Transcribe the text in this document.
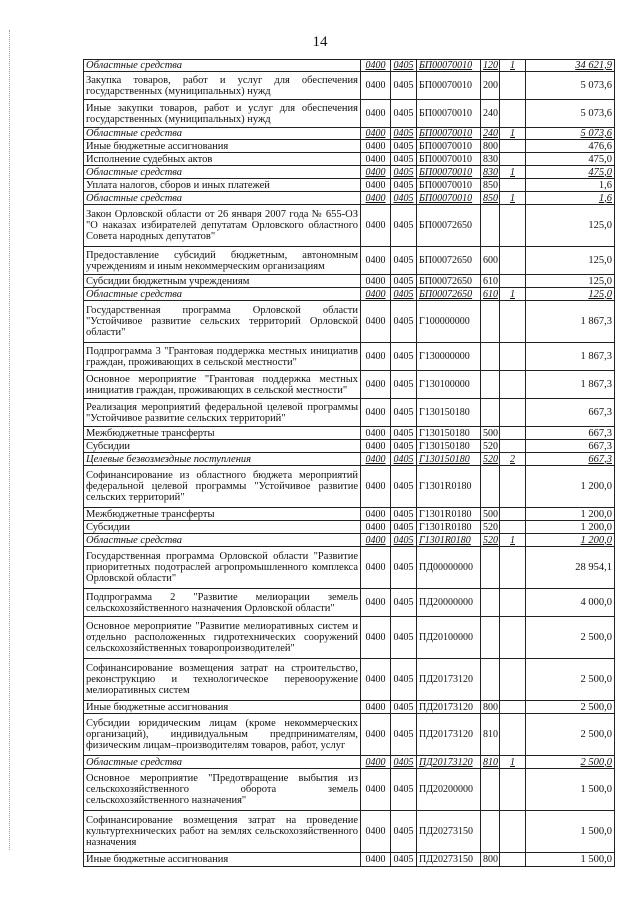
14
Областные средства	0400	0405	БП00070010	120	1	34 621,9
Закупка товаров, работ и услуг для обеспечения государственных (муниципальных) нужд	0400	0405	БП00070010	200		5 073,6
Иные закупки товаров, работ и услуг для обеспечения государственных (муниципальных) нужд	0400	0405	БП00070010	240		5 073,6
Областные средства	0400	0405	БП00070010	240	1	5 073,6
Иные бюджетные ассигнования	0400	0405	БП00070010	800		476,6
Исполнение судебных актов	0400	0405	БП00070010	830		475,0
Областные средства	0400	0405	БП00070010	830	1	475,0
Уплата налогов, сборов и иных платежей	0400	0405	БП00070010	850		1,6
Областные средства	0400	0405	БП00070010	850	1	1,6
Закон Орловской области от 26 января 2007 года № 655-ОЗ "О наказах избирателей депутатам Орловского областного Совета народных депутатов"	0400	0405	БП00072650			125,0
Предоставление субсидий бюджетным, автономным учреждениям и иным некоммерческим организациям	0400	0405	БП00072650	600		125,0
Субсидии бюджетным учреждениям	0400	0405	БП00072650	610		125,0
Областные средства	0400	0405	БП00072650	610	1	125,0
Государственная программа Орловской области "Устойчивое развитие сельских территорий Орловской области"	0400	0405	Г100000000			1 867,3
Подпрограмма 3 "Грантовая поддержка местных инициатив граждан, проживающих в сельской местности"	0400	0405	Г130000000			1 867,3
Основное мероприятие "Грантовая поддержка местных инициатив граждан, проживающих в сельской местности"	0400	0405	Г130100000			1 867,3
Реализация мероприятий федеральной целевой программы "Устойчивое развитие сельских территорий"	0400	0405	Г130150180			667,3
Межбюджетные трансферты	0400	0405	Г130150180	500		667,3
Субсидии	0400	0405	Г130150180	520		667,3
Целевые безвозмездные поступления	0400	0405	Г130150180	520	2	667,3
Софинансирование из областного бюджета мероприятий федеральной целевой программы "Устойчивое развитие сельских территорий"	0400	0405	Г1301R0180			1 200,0
Межбюджетные трансферты	0400	0405	Г1301R0180	500		1 200,0
Субсидии	0400	0405	Г1301R0180	520		1 200,0
Областные средства	0400	0405	Г1301R0180	520	1	1 200,0
Государственная программа Орловской области "Развитие приоритетных подотраслей агропромышленного комплекса Орловской области"	0400	0405	ПД00000000			28 954,1
Подпрограмма 2 "Развитие мелиорации земель сельскохозяйственного назначения Орловской области"	0400	0405	ПД20000000			4 000,0
Основное мероприятие "Развитие мелиоративных систем и отдельно расположенных гидротехнических сооружений сельскохозяйственных товаропроизводителей"	0400	0405	ПД20100000			2 500,0
Софинансирование возмещения затрат на строительство, реконструкцию и технологическое перевооружение мелиоративных систем	0400	0405	ПД20173120			2 500,0
Иные бюджетные ассигнования	0400	0405	ПД20173120	800		2 500,0
Субсидии юридическим лицам (кроме некоммерческих организаций), индивидуальным предпринимателям, физическим лицам–производителям товаров, работ, услуг	0400	0405	ПД20173120	810		2 500,0
Областные средства	0400	0405	ПД20173120	810	1	2 500,0
Основное мероприятие "Предотвращение выбытия из сельскохозяйственного оборота земель сельскохозяйственного назначения"	0400	0405	ПД20200000			1 500,0
Софинансирование возмещения затрат на проведение культуртехнических работ на землях сельскохозяйственного назначения	0400	0405	ПД20273150			1 500,0
Иные бюджетные ассигнования	0400	0405	ПД20273150	800		1 500,0
